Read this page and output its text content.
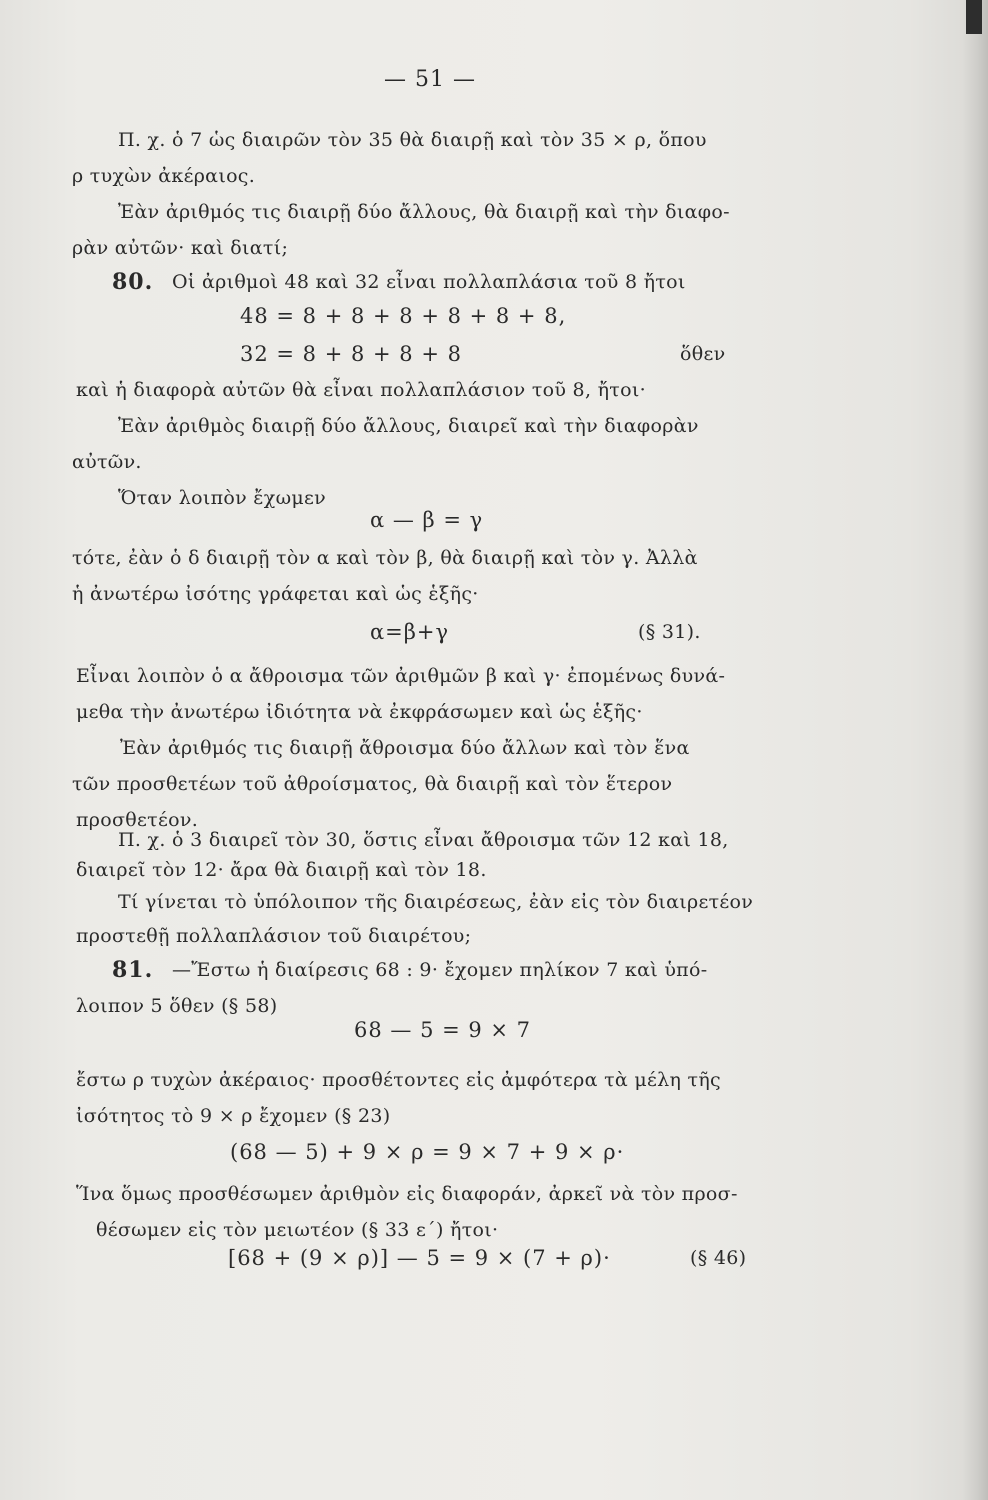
— 51 —
Π. χ. ὁ 7 ὡς διαιρῶν τὸν 35 θὰ διαιρῇ καὶ τὸν 35 × ρ, ὅπου
ρ τυχὼν ἀκέραιος.
Ἐὰν ἀριθμός τις διαιρῇ δύο ἄλλους, θὰ διαιρῇ καὶ τὴν διαφο-
ρὰν αὐτῶν· καὶ διατί;
80. Οἱ ἀριθμοὶ 48 καὶ 32 εἶναι πολλαπλάσια τοῦ 8 ἤτοι
48 = 8 + 8 + 8 + 8 + 8 + 8,
32 = 8 + 8 + 8 + 8	ὅθεν
καὶ ἡ διαφορὰ αὐτῶν θὰ εἶναι πολλαπλάσιον τοῦ 8, ἤτοι·
Ἐὰν ἀριθμὸς διαιρῇ δύο ἄλλους, διαιρεῖ καὶ τὴν διαφορὰν
αὐτῶν.
Ὅταν λοιπὸν ἔχωμεν
α — β = γ
τότε, ἐὰν ὁ δ διαιρῇ τὸν α καὶ τὸν β, θὰ διαιρῇ καὶ τὸν γ. Ἀλλὰ
ἡ ἀνωτέρω ἰσότης γράφεται καὶ ὡς ἑξῆς·
α=β+γ	(§ 31).
Εἶναι λοιπὸν ὁ α ἄθροισμα τῶν ἀριθμῶν β καὶ γ· ἐπομένως δυνά-
μεθα τὴν ἀνωτέρω ἰδιότητα νὰ ἐκφράσωμεν καὶ ὡς ἑξῆς·
Ἐὰν ἀριθμός τις διαιρῇ ἄθροισμα δύο ἄλλων καὶ τὸν ἕνα
τῶν προσθετέων τοῦ ἀθροίσματος, θὰ διαιρῇ καὶ τὸν ἕτερον
προσθετέον.
Π. χ. ὁ 3 διαιρεῖ τὸν 30, ὅστις εἶναι ἄθροισμα τῶν 12 καὶ 18,
διαιρεῖ τὸν 12· ἄρα θὰ διαιρῇ καὶ τὸν 18.
Τί γίνεται τὸ ὑπόλοιπον τῆς διαιρέσεως, ἐὰν εἰς τὸν διαιρετέον
προστεθῇ πολλαπλάσιον τοῦ διαιρέτου;
81. —Ἔστω ἡ διαίρεσις 68 : 9· ἔχομεν πηλίκον 7 καὶ ὑπό-
λοιπον 5 ὅθεν (§ 58)
68 — 5 = 9 × 7
ἔστω ρ τυχὼν ἀκέραιος· προσθέτοντες εἰς ἀμφότερα τὰ μέλη τῆς
ἰσότητος τὸ 9 × ρ ἔχομεν (§ 23)
(68 — 5) + 9 × ρ = 9 × 7 + 9 × ρ·
Ἵνα ὅμως προσθέσωμεν ἀριθμὸν εἰς διαφοράν, ἀρκεῖ νὰ τὸν προσ-
θέσωμεν εἰς τὸν μειωτέον (§ 33 ε΄) ἤτοι·
[68 + (9 × ρ)] — 5 = 9 × (7 + ρ)·	(§ 46)
